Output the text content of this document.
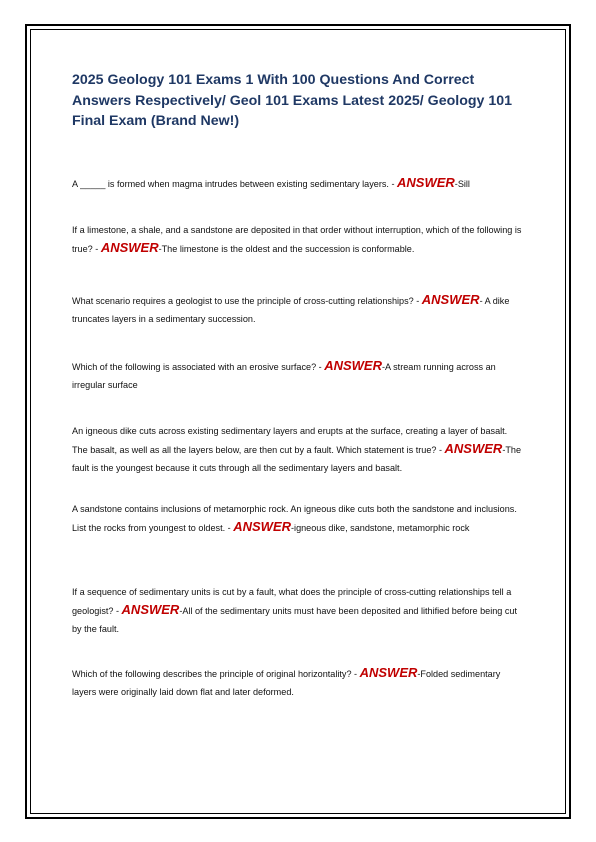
2025 Geology 101 Exams 1 With 100 Questions And Correct Answers Respectively/ Geol 101 Exams Latest 2025/ Geology 101 Final Exam (Brand New!)

A _____ is formed when magma intrudes between existing sedimentary layers. - ANSWER-Sill

If a limestone, a shale, and a sandstone are deposited in that order without interruption, which of the following is true? - ANSWER-The limestone is the oldest and the succession is conformable.

What scenario requires a geologist to use the principle of cross-cutting relationships? - ANSWER- A dike truncates layers in a sedimentary succession.

Which of the following is associated with an erosive surface? - ANSWER-A stream running across an irregular surface

An igneous dike cuts across existing sedimentary layers and erupts at the surface, creating a layer of basalt. The basalt, as well as all the layers below, are then cut by a fault. Which statement is true? - ANSWER-The fault is the youngest because it cuts through all the sedimentary layers and basalt.

A sandstone contains inclusions of metamorphic rock. An igneous dike cuts both the sandstone and inclusions. List the rocks from youngest to oldest. - ANSWER-igneous dike, sandstone, metamorphic rock

If a sequence of sedimentary units is cut by a fault, what does the principle of cross-cutting relationships tell a geologist? - ANSWER-All of the sedimentary units must have been deposited and lithified before being cut by the fault.

Which of the following describes the principle of original horizontality? - ANSWER-Folded sedimentary layers were originally laid down flat and later deformed.
